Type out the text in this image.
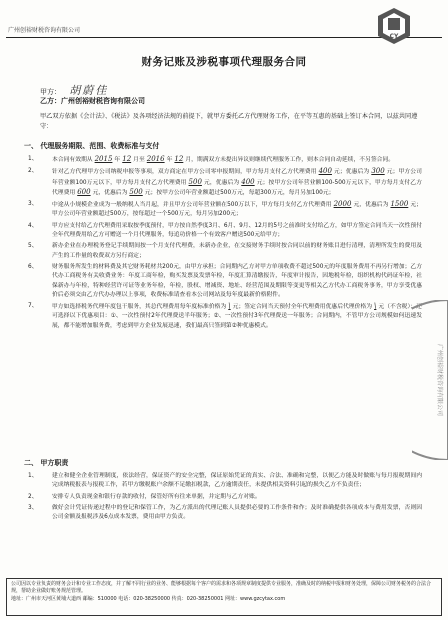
广州创裕财税咨询有限公司
CY
财务记账及涉税事项代理服务合同
甲方： 胡蔚佳
乙方：广州创裕财税咨询有限公司
甲乙双方依据《会计法》、《税法》及各项经济法规的前提下，就甲方委托乙方代理财务工作，在平等互惠的基础上签订本合同，以兹共同遵守：
一、 代理服务期限、范围、收费标准与支付
1、	本合同有效期从 2015 年 12 月至 2016 年 12 月，期满双方未提出异议则继续代理服务工作，则本合同自动延续，不另签合同。
2、	针对乙方代理甲方公司纳税申报等事项，双方商定在甲方公司零申报期间，甲方每月支付乙方代理费用 400 元；优惠后为 300 元；甲方公司年营业额100万元以下，甲方每月支付乙方代理费用 500 元，优惠后为 400 元；按甲方公司年营业额100-500万元以下，甲方每月支付乙方代理费用 600 元，优惠后为 500 元；按甲方公司年营业额超过500万元，每超300万元，每月另加100元；
3、	中途从小规模企业成为一般纳税人当月起，并且甲方公司年营业额在500万以下，甲方每月支付乙方代理费用 2000 元，优惠后为 1500 元；甲方公司年营业额超过500万，按每超过一个500万元，每月另加200元；
4、	甲方应支付给乙方代理费用采取按季度预付，甲方按自然季度3月、6月、9月、12月的5号之前准时支付给乙方，如甲方签定合同当天一次性预付全年代理费用给乙方可赠送一个月代理服务，每追功价格一个有效客户赠送500元给甲方；
5、	新办企业在办理税务登记手续期间按一个月支付代理费，未新办企业，在交接财务手续时按合同以前的财务账目进行清理，清理所发生的费用及产生的工作量的收费双方另行商定；
6、	财务服务所发生的材料费及其它财务耗材共200元，由甲方承担；合同期内乙方对甲方单项收费不超过500元的年度服务费用不再另行增加；乙方代办工商税务有关收费业务：年度工商年检，购买发票及发票年检，年度汇算清缴报告，年度审计报告，因地税年检，组织机构代码证年检，社保新办与年检，特种经营许可证等业务年检，年检，股权、增减资、地址、经营范围及期限等变更等相关乙方代办工商税务事务，甲方享受优惠价后必须交由乙方代办办理以上事项，收费标准请查看本公司网站及每年度最新价格附件。
7、	甲方如选择税务代理年度包干服务，其总代理费用每年度标准价格为 \ 元；签定合同当天预付全年代理费用优惠后代理价格为 \ 元（不含税）；还可选择以下优惠项目：①、一次性预付2年代理费送半年服务；②、一次性预付3年代理费送一年服务；合同期内，不管甲方公司规模如何迅速发展，都不能增加服务费，考虑到甲方企业发展迅速，我们最高只签到第②种优惠模式。
二、 甲方职责
1、	建立和健全企业管理制度，依法经营，保证资产的安全完整，保证原始凭证的真实、合法、准确和完整，以便乙方能及时做账与每月报税期间内完成纳税报表与报税工作，若甲方缴税账户余额不足缴扣税款，乙方逾期责任，未提供相关资料引起的损失乙方不负责任；
2、	安排专人负责现金和银行存款的收付，保管好所有往来单据，并定期与乙方对账。
3、	做好会计凭证传递过程中的登记和保管工作，为乙方派出的代理记账人员提供必要的工作条件和作；及时准确提供各项成本与费用发票，否则因公司金额及报税涉及6点成本发票，费用由甲方负责。
广州创裕财税咨询有限公司
公司因以专业负责的财务会计和专业工作态度，并了解不同行业的业务、能够根据每个客户的需求和各项规章制度提供专业服务，准确及时的纳税申报和财务处理，保障公司财务税务的合法合规，帮助企业做好账务规范管理。
地址：广州市天河区黄埔大道西 邮编：510000 电话：020-38250000 传真：020-38250001 网址：www.gzcytax.com
